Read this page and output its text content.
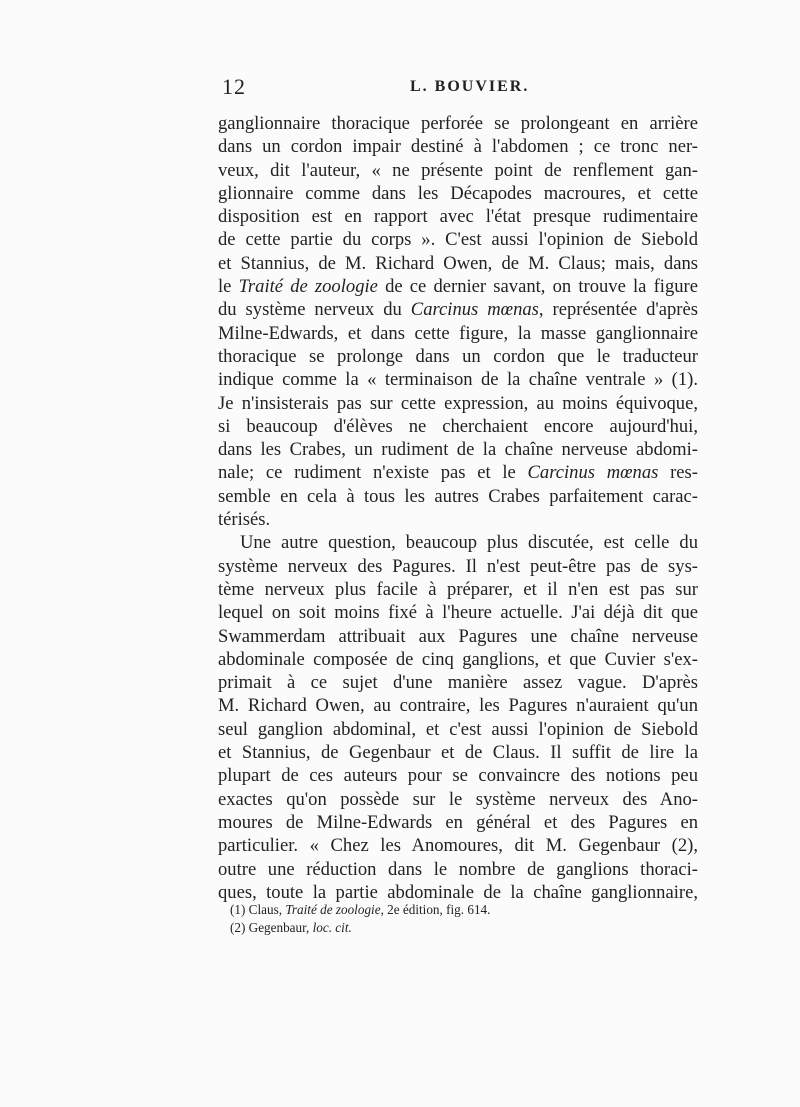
12	L. BOUVIER.
ganglionnaire thoracique perforée se prolongeant en arrière
dans un cordon impair destiné à l'abdomen ; ce tronc ner-
veux, dit l'auteur, « ne présente point de renflement gan-
glionnaire comme dans les Décapodes macroures, et cette
disposition est en rapport avec l'état presque rudimentaire
de cette partie du corps ». C'est aussi l'opinion de Siebold
et Stannius, de M. Richard Owen, de M. Claus; mais, dans
le Traité de zoologie de ce dernier savant, on trouve la figure
du système nerveux du Carcinus mœnas, représentée d'après
Milne-Edwards, et dans cette figure, la masse ganglionnaire
thoracique se prolonge dans un cordon que le traducteur
indique comme la « terminaison de la chaîne ventrale » (1).
Je n'insisterais pas sur cette expression, au moins équivoque,
si beaucoup d'élèves ne cherchaient encore aujourd'hui,
dans les Crabes, un rudiment de la chaîne nerveuse abdomi-
nale; ce rudiment n'existe pas et le Carcinus mœnas res-
semble en cela à tous les autres Crabes parfaitement carac-
térisés.
Une autre question, beaucoup plus discutée, est celle du
système nerveux des Pagures. Il n'est peut-être pas de sys-
tème nerveux plus facile à préparer, et il n'en est pas sur
lequel on soit moins fixé à l'heure actuelle. J'ai déjà dit que
Swammerdam attribuait aux Pagures une chaîne nerveuse
abdominale composée de cinq ganglions, et que Cuvier s'ex-
primait à ce sujet d'une manière assez vague. D'après
M. Richard Owen, au contraire, les Pagures n'auraient qu'un
seul ganglion abdominal, et c'est aussi l'opinion de Siebold
et Stannius, de Gegenbaur et de Claus. Il suffit de lire la
plupart de ces auteurs pour se convaincre des notions peu
exactes qu'on possède sur le système nerveux des Ano-
moures de Milne-Edwards en général et des Pagures en
particulier. « Chez les Anomoures, dit M. Gegenbaur (2),
outre une réduction dans le nombre de ganglions thoraci-
ques, toute la partie abdominale de la chaîne ganglionnaire,
(1) Claus, Traité de zoologie, 2e édition, fig. 614.
(2) Gegenbaur, loc. cit.
